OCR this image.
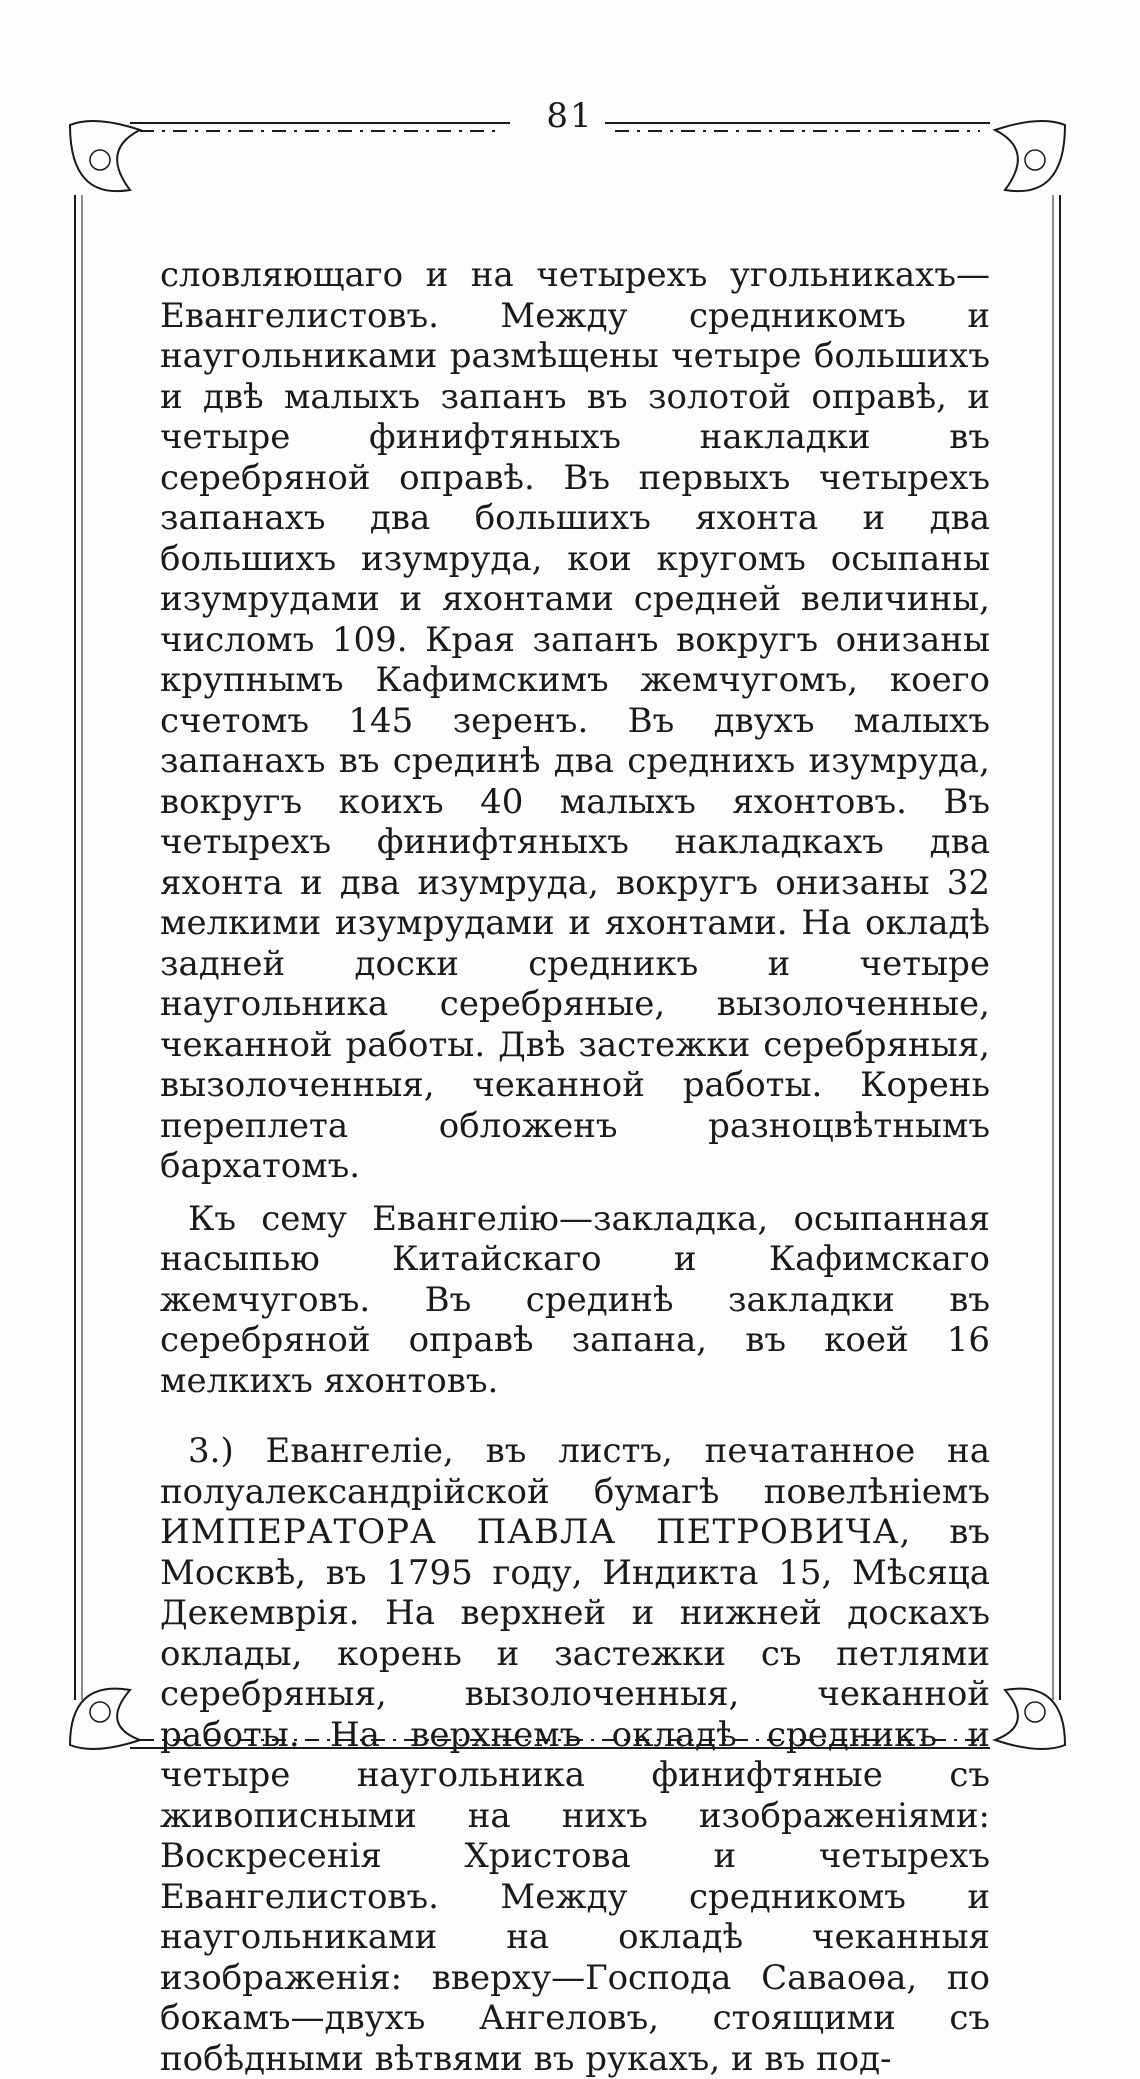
81

словляющаго и на четырехъ угольникахъ—Евангелистовъ. Между средникомъ и наугольниками размѣщены четыре большихъ и двѣ малыхъ запанъ въ золотой оправѣ, и четыре финифтяныхъ накладки въ серебряной оправѣ. Въ первыхъ четырехъ запанахъ два большихъ яхонта и два большихъ изумруда, кои кругомъ осыпаны изумрудами и яхонтами средней величины, числомъ 109. Края запанъ вокругъ онизаны крупнымъ Кафимскимъ жемчугомъ, коего счетомъ 145 зеренъ. Въ двухъ малыхъ запанахъ въ срединѣ два среднихъ изумруда, вокругъ коихъ 40 малыхъ яхонтовъ. Въ четырехъ финифтяныхъ накладкахъ два яхонта и два изумруда, вокругъ онизаны 32 мелкими изумрудами и яхонтами. На окладѣ задней доски средникъ и четыре наугольника серебряные, вызолоченные, чеканной работы. Двѣ застежки серебряныя, вызолоченныя, чеканной работы. Корень переплета обложенъ разноцвѣтнымъ бархатомъ.

Къ сему Евангелію—закладка, осыпанная насыпью Китайскаго и Кафимскаго жемчуговъ. Въ срединѣ закладки въ серебряной оправѣ запана, въ коей 16 мелкихъ яхонтовъ.

3.) Евангеліе, въ листъ, печатанное на полуалександрійской бумагѣ повелѣніемъ ИМПЕРАТОРА ПАВЛА ПЕТРОВИЧА, въ Москвѣ, въ 1795 году, Индикта 15, Мѣсяца Декемврія. На верхней и нижней доскахъ оклады, корень и застежки съ петлями серебряныя, вызолоченныя, чеканной работы. На верхнемъ окладѣ средникъ и четыре наугольника финифтяные съ живописными на нихъ изображеніями: Воскресенія Христова и четырехъ Евангелистовъ. Между средникомъ и наугольниками на окладѣ чеканныя изображенія: вверху—Господа Саваоѳа, по бокамъ—двухъ Ангеловъ, стоящими съ побѣдными вѣтвями въ рукахъ, и въ под-
